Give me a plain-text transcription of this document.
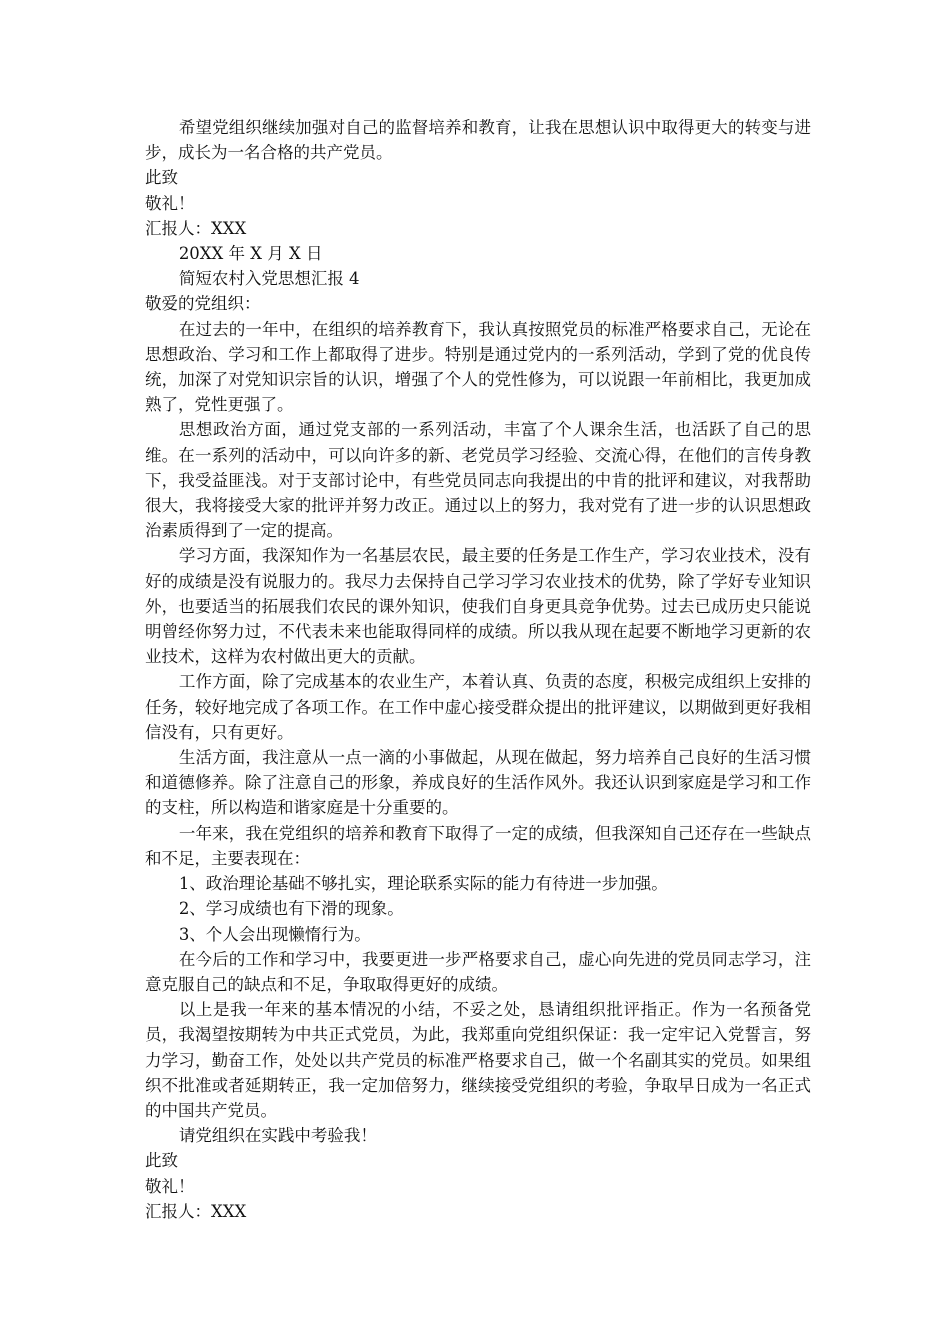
希望党组织继续加强对自己的监督培养和教育，让我在思想认识中取得更大的转变与进步，成长为一名合格的共产党员。

此致

敬礼！

汇报人：XXX

20XX 年 X 月 X 日

简短农村入党思想汇报 4

敬爱的党组织：

在过去的一年中，在组织的培养教育下，我认真按照党员的标准严格要求自己，无论在思想政治、学习和工作上都取得了进步。特别是通过党内的一系列活动，学到了党的优良传统，加深了对党知识宗旨的认识，增强了个人的党性修为，可以说跟一年前相比，我更加成熟了，党性更强了。

思想政治方面，通过党支部的一系列活动，丰富了个人课余生活，也活跃了自己的思维。在一系列的活动中，可以向许多的新、老党员学习经验、交流心得，在他们的言传身教下，我受益匪浅。对于支部讨论中，有些党员同志向我提出的中肯的批评和建议，对我帮助很大，我将接受大家的批评并努力改正。通过以上的努力，我对党有了进一步的认识思想政治素质得到了一定的提高。

学习方面，我深知作为一名基层农民，最主要的任务是工作生产，学习农业技术，没有好的成绩是没有说服力的。我尽力去保持自己学习学习农业技术的优势，除了学好专业知识外，也要适当的拓展我们农民的课外知识，使我们自身更具竞争优势。过去已成历史只能说明曾经你努力过，不代表未来也能取得同样的成绩。所以我从现在起要不断地学习更新的农业技术，这样为农村做出更大的贡献。

工作方面，除了完成基本的农业生产，本着认真、负责的态度，积极完成组织上安排的任务，较好地完成了各项工作。在工作中虚心接受群众提出的批评建议，以期做到更好我相信没有，只有更好。

生活方面，我注意从一点一滴的小事做起，从现在做起，努力培养自己良好的生活习惯和道德修养。除了注意自己的形象，养成良好的生活作风外。我还认识到家庭是学习和工作的支柱，所以构造和谐家庭是十分重要的。

一年来，我在党组织的培养和教育下取得了一定的成绩，但我深知自己还存在一些缺点和不足，主要表现在：

1、政治理论基础不够扎实，理论联系实际的能力有待进一步加强。

2、学习成绩也有下滑的现象。

3、个人会出现懒惰行为。

在今后的工作和学习中，我要更进一步严格要求自己，虚心向先进的党员同志学习，注意克服自己的缺点和不足，争取取得更好的成绩。

以上是我一年来的基本情况的小结，不妥之处，恳请组织批评指正。作为一名预备党员，我渴望按期转为中共正式党员，为此，我郑重向党组织保证：我一定牢记入党誓言，努力学习，勤奋工作，处处以共产党员的标准严格要求自己，做一个名副其实的党员。如果组织不批准或者延期转正，我一定加倍努力，继续接受党组织的考验，争取早日成为一名正式的中国共产党员。

请党组织在实践中考验我！

此致

敬礼！

汇报人：XXX
